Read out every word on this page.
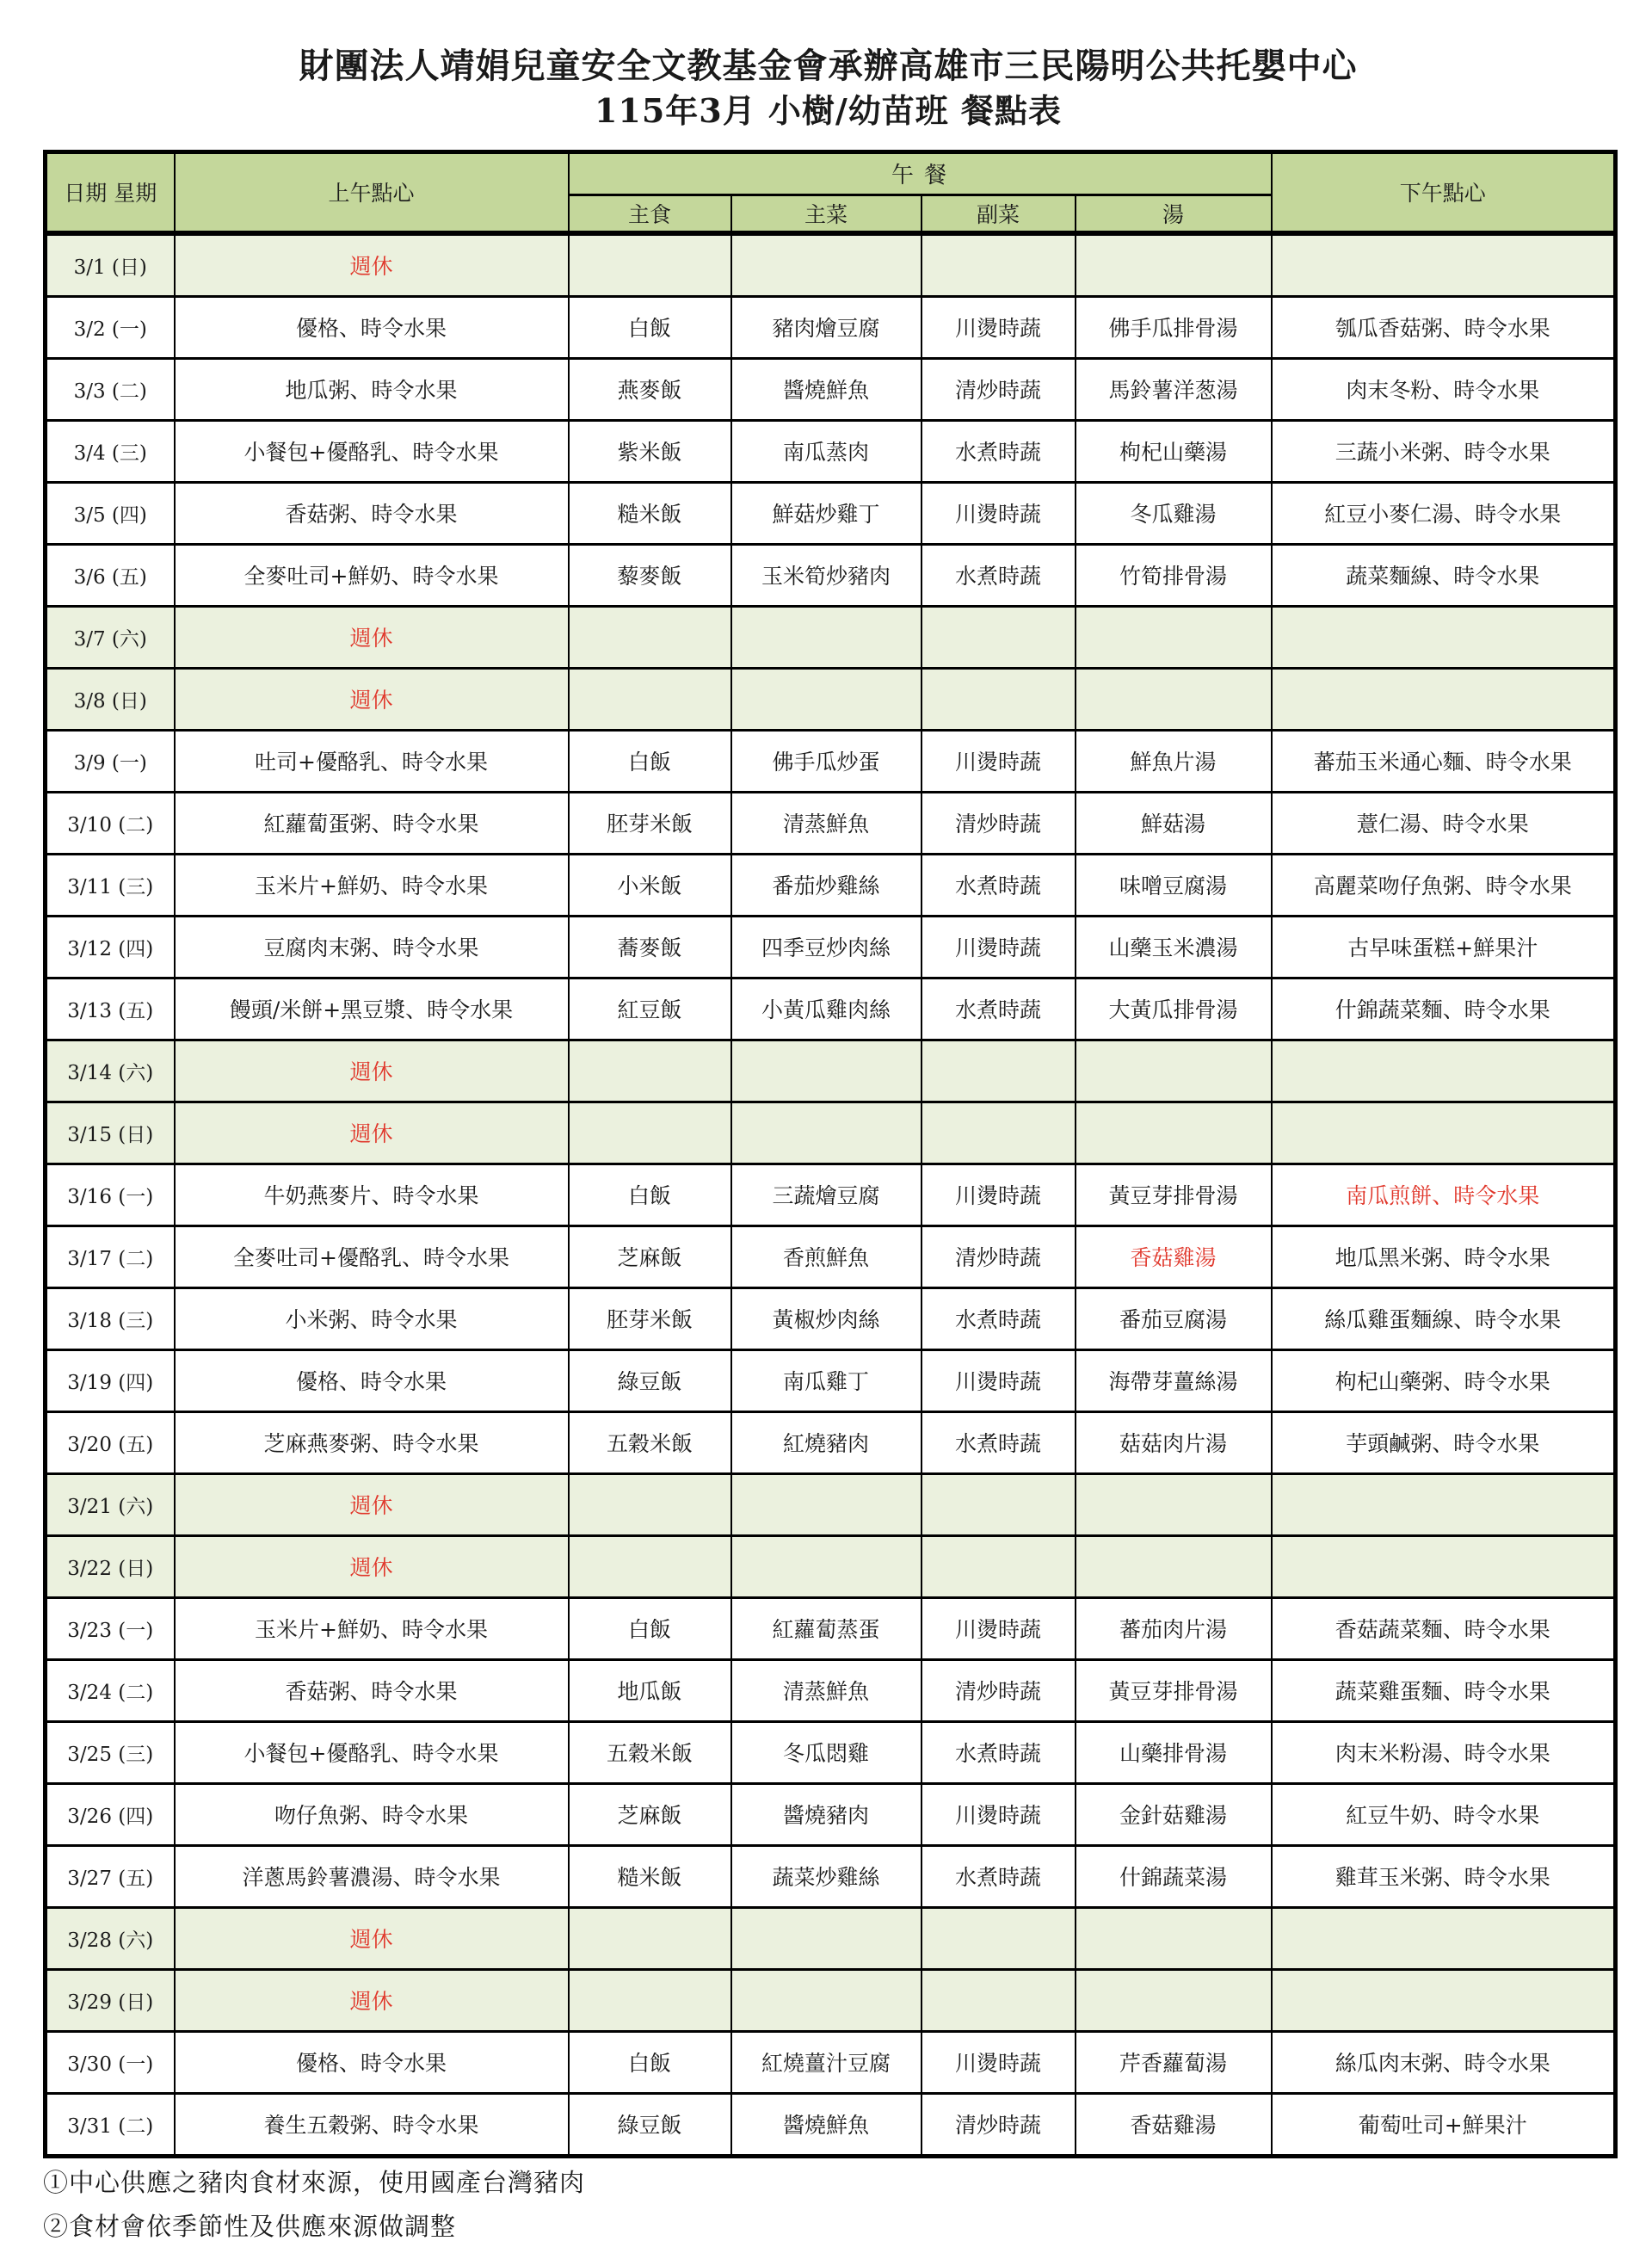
財團法人靖娟兒童安全文教基金會承辦高雄市三民陽明公共托嬰中心
115年3月 小樹/幼苗班 餐點表
日期 星期	上午點心	午 餐				下午點心
		主食	主菜	副菜	湯	
3/1 (日)	週休					
3/2 (一)	優格、時令水果	白飯	豬肉燴豆腐	川燙時蔬	佛手瓜排骨湯	瓠瓜香菇粥、時令水果
3/3 (二)	地瓜粥、時令水果	燕麥飯	醬燒鮮魚	清炒時蔬	馬鈴薯洋葱湯	肉末冬粉、時令水果
3/4 (三)	小餐包+優酪乳、時令水果	紫米飯	南瓜蒸肉	水煮時蔬	枸杞山藥湯	三蔬小米粥、時令水果
3/5 (四)	香菇粥、時令水果	糙米飯	鮮菇炒雞丁	川燙時蔬	冬瓜雞湯	紅豆小麥仁湯、時令水果
3/6 (五)	全麥吐司+鮮奶、時令水果	藜麥飯	玉米筍炒豬肉	水煮時蔬	竹筍排骨湯	蔬菜麵線、時令水果
3/7 (六)	週休					
3/8 (日)	週休					
3/9 (一)	吐司+優酪乳、時令水果	白飯	佛手瓜炒蛋	川燙時蔬	鮮魚片湯	蕃茄玉米通心麵、時令水果
3/10 (二)	紅蘿蔔蛋粥、時令水果	胚芽米飯	清蒸鮮魚	清炒時蔬	鮮菇湯	薏仁湯、時令水果
3/11 (三)	玉米片+鮮奶、時令水果	小米飯	番茄炒雞絲	水煮時蔬	味噌豆腐湯	高麗菜吻仔魚粥、時令水果
3/12 (四)	豆腐肉末粥、時令水果	蕎麥飯	四季豆炒肉絲	川燙時蔬	山藥玉米濃湯	古早味蛋糕+鮮果汁
3/13 (五)	饅頭/米餅+黑豆漿、時令水果	紅豆飯	小黃瓜雞肉絲	水煮時蔬	大黃瓜排骨湯	什錦蔬菜麵、時令水果
3/14 (六)	週休					
3/15 (日)	週休					
3/16 (一)	牛奶燕麥片、時令水果	白飯	三蔬燴豆腐	川燙時蔬	黃豆芽排骨湯	南瓜煎餅、時令水果
3/17 (二)	全麥吐司+優酪乳、時令水果	芝麻飯	香煎鮮魚	清炒時蔬	香菇雞湯	地瓜黑米粥、時令水果
3/18 (三)	小米粥、時令水果	胚芽米飯	黃椒炒肉絲	水煮時蔬	番茄豆腐湯	絲瓜雞蛋麵線、時令水果
3/19 (四)	優格、時令水果	綠豆飯	南瓜雞丁	川燙時蔬	海帶芽薑絲湯	枸杞山藥粥、時令水果
3/20 (五)	芝麻燕麥粥、時令水果	五穀米飯	紅燒豬肉	水煮時蔬	菇菇肉片湯	芋頭鹹粥、時令水果
3/21 (六)	週休					
3/22 (日)	週休					
3/23 (一)	玉米片+鮮奶、時令水果	白飯	紅蘿蔔蒸蛋	川燙時蔬	蕃茄肉片湯	香菇蔬菜麵、時令水果
3/24 (二)	香菇粥、時令水果	地瓜飯	清蒸鮮魚	清炒時蔬	黃豆芽排骨湯	蔬菜雞蛋麵、時令水果
3/25 (三)	小餐包+優酪乳、時令水果	五穀米飯	冬瓜悶雞	水煮時蔬	山藥排骨湯	肉末米粉湯、時令水果
3/26 (四)	吻仔魚粥、時令水果	芝麻飯	醬燒豬肉	川燙時蔬	金針菇雞湯	紅豆牛奶、時令水果
3/27 (五)	洋蔥馬鈴薯濃湯、時令水果	糙米飯	蔬菜炒雞絲	水煮時蔬	什錦蔬菜湯	雞茸玉米粥、時令水果
3/28 (六)	週休					
3/29 (日)	週休					
3/30 (一)	優格、時令水果	白飯	紅燒薑汁豆腐	川燙時蔬	芹香蘿蔔湯	絲瓜肉末粥、時令水果
3/31 (二)	養生五穀粥、時令水果	綠豆飯	醬燒鮮魚	清炒時蔬	香菇雞湯	葡萄吐司+鮮果汁
①中心供應之豬肉食材來源，使用國產台灣豬肉
②食材會依季節性及供應來源做調整
